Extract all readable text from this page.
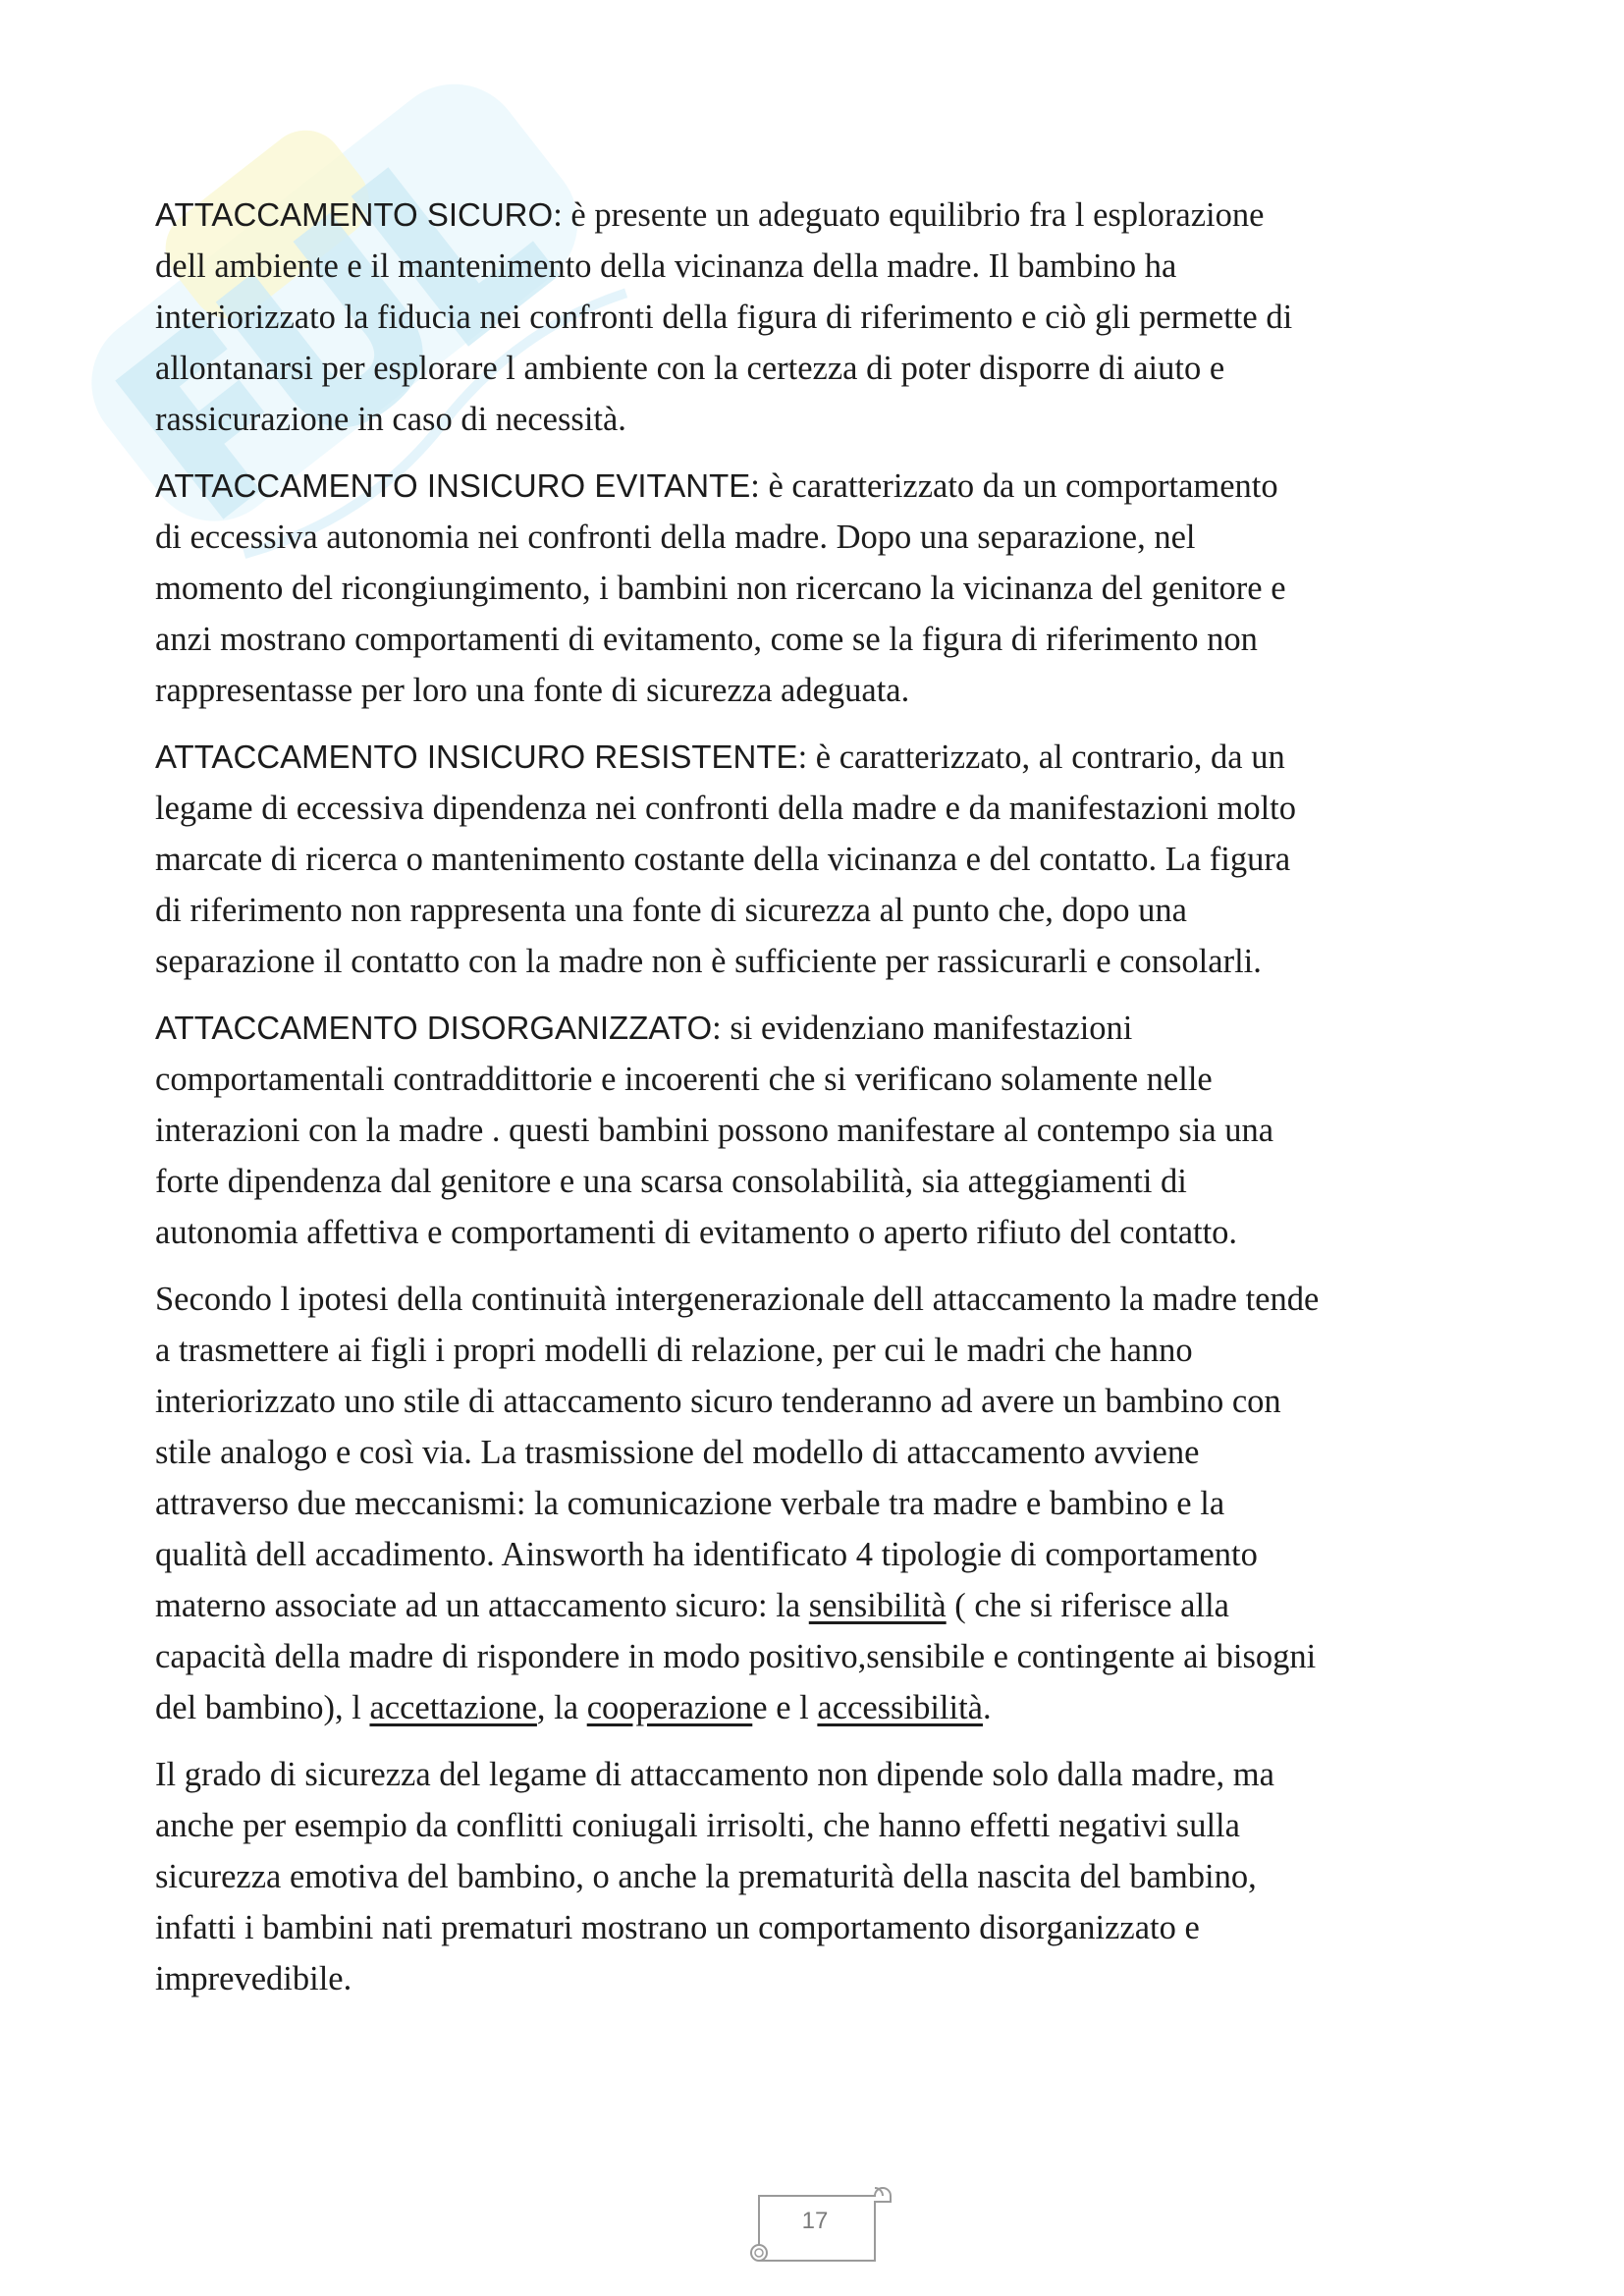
ATTACCAMENTO SICURO: è presente un adeguato equilibrio fra l esplorazione
dell ambiente e il mantenimento della vicinanza della madre. Il bambino ha
interiorizzato la fiducia nei confronti della figura di riferimento e ciò gli permette di
allontanarsi per esplorare l ambiente con la certezza di poter disporre di aiuto e
rassicurazione in caso di necessità.

ATTACCAMENTO INSICURO EVITANTE: è caratterizzato da un comportamento
di eccessiva autonomia nei confronti della madre. Dopo una separazione, nel
momento del ricongiungimento, i bambini non ricercano la vicinanza del genitore e
anzi mostrano comportamenti di evitamento, come se la figura di riferimento non
rappresentasse per loro una fonte di sicurezza adeguata.

ATTACCAMENTO INSICURO RESISTENTE: è caratterizzato, al contrario, da un
legame di eccessiva dipendenza nei confronti della madre e da manifestazioni molto
marcate di ricerca o mantenimento costante della vicinanza e del contatto. La figura
di riferimento non rappresenta una fonte di sicurezza al punto che, dopo una
separazione il contatto con la madre non è sufficiente per rassicurarli e consolarli.

ATTACCAMENTO DISORGANIZZATO: si evidenziano manifestazioni
comportamentali contraddittorie e incoerenti che si verificano solamente nelle
interazioni con la madre . questi bambini possono manifestare al contempo sia una
forte dipendenza dal genitore e una scarsa consolabilità, sia atteggiamenti di
autonomia affettiva e comportamenti di evitamento o aperto rifiuto del contatto.

Secondo l ipotesi della continuità intergenerazionale dell attaccamento la madre tende
a trasmettere ai figli i propri modelli di relazione, per cui le madri che hanno
interiorizzato uno stile di attaccamento sicuro tenderanno ad avere un bambino con
stile analogo e così via. La trasmissione del modello di attaccamento avviene
attraverso due meccanismi: la comunicazione verbale tra madre e bambino e la
qualità dell accadimento. Ainsworth ha identificato 4 tipologie di comportamento
materno associate ad un attaccamento sicuro: la sensibilità ( che si riferisce alla
capacità della madre di rispondere in modo positivo,sensibile e contingente ai bisogni
del bambino), l accettazione, la cooperazione e l accessibilità.

Il grado di sicurezza del legame di attaccamento non dipende solo dalla madre, ma
anche per esempio da conflitti coniugali irrisolti, che hanno effetti negativi sulla
sicurezza emotiva del bambino, o anche la prematurità della nascita del bambino,
infatti i bambini nati prematuri mostrano un comportamento disorganizzato e
imprevedibile.

17
